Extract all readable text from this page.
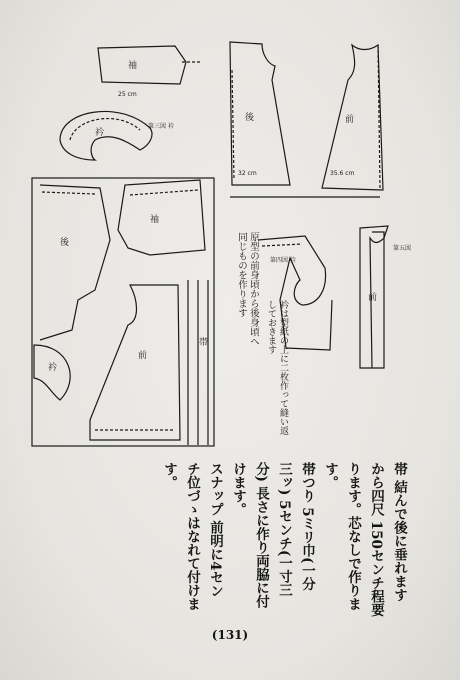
袖
25 cm
衿
第三図 衿
後	前
35.6 cm
32 cm
後
前
衿
袖
帯
第五図
前
第四図 衿
原型の前身頃から後身頃へ同じものを作ります
衿は型紙の上に二枚作って縫い返しておきます
帯 結んで後に垂れます
から四尺 150センチ程要
ります。芯なしで作りま
す。
帯つり 5ミリ巾(一分
三ッ) 5センチ(一寸三
分) 長さに作り両脇に付
けます。
スナップ 前明に4セン
チ位づゝはなれて付けま
す。
(131)
